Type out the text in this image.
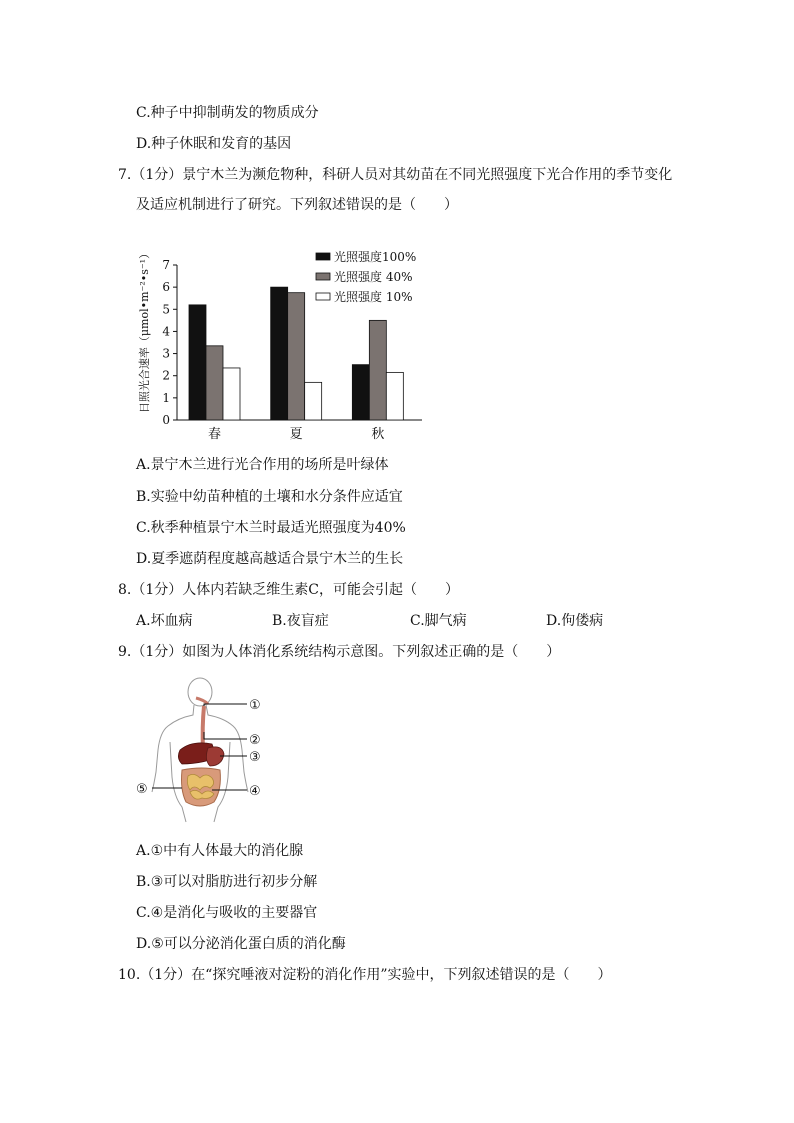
C.种子中抑制萌发的物质成分
D.种子休眠和发育的基因
7.（1分）景宁木兰为濒危物种，科研人员对其幼苗在不同光照强度下光合作用的季节变化
及适应机制进行了研究。下列叙述错误的是（　　）
0
1
2
3
4
5
6
7
日照光合速率（μmol•m⁻²•s⁻¹）
春	夏	秋
光照强度100%
光照强度 40%
光照强度 10%
A.景宁木兰进行光合作用的场所是叶绿体
B.实验中幼苗种植的土壤和水分条件应适宜
C.秋季种植景宁木兰时最适光照强度为40%
D.夏季遮荫程度越高越适合景宁木兰的生长
8.（1分）人体内若缺乏维生素C，可能会引起（　　）
A.坏血病	B.夜盲症	C.脚气病	D.佝偻病
9.（1分）如图为人体消化系统结构示意图。下列叙述正确的是（　　）
①
②
③
④
⑤
A.①中有人体最大的消化腺
B.③可以对脂肪进行初步分解
C.④是消化与吸收的主要器官
D.⑤可以分泌消化蛋白质的消化酶
10.（1分）在“探究唾液对淀粉的消化作用”实验中，下列叙述错误的是（　　）
